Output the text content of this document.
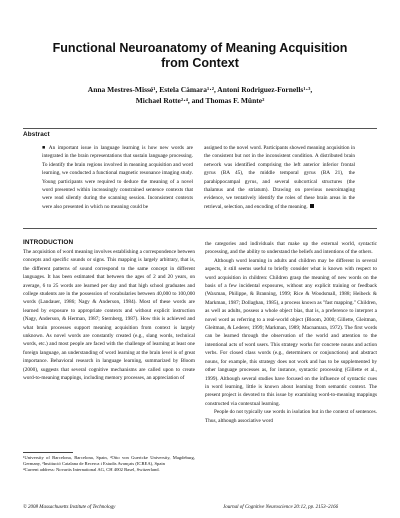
Functional Neuroanatomy of Meaning Acquisition
from Context
Anna Mestres-Missé¹, Estela Càmara¹·², Antoni Rodriguez-Fornells¹·³,
Michael Rotte²·⁴, and Thomas F. Münte²
Abstract

■ An important issue in language learning is how new words are integrated in the brain representations that sustain language processing. To identify the brain regions involved in meaning acquisition and word learning, we conducted a functional magnetic resonance imaging study. Young participants were required to deduce the meaning of a novel word presented within increasingly constrained sentence contexts that were read silently during the scanning session. Inconsistent contexts were also presented in which no meaning could be

assigned to the novel word. Participants showed meaning acquisition in the consistent but not in the inconsistent condition. A distributed brain network was identified comprising the left anterior inferior frontal gyrus (BA 45), the middle temporal gyrus (BA 21), the parahippocampal gyrus, and several subcortical structures (the thalamus and the striatum). Drawing on previous neuroimaging evidence, we tentatively identify the roles of these brain areas in the retrieval, selection, and encoding of the meaning.

INTRODUCTION

The acquisition of word meaning involves establishing a correspondence between concepts and specific sounds or signs. This mapping is largely arbitrary, that is, the different patterns of sound correspond to the same concept in different languages. It has been estimated that between the ages of 2 and 20 years, on average, 6 to 25 words are learned per day and that high school graduates and college students are in the possession of vocabularies between 40,000 to 100,000 words (Landauer, 1986; Nagy & Anderson, 1984). Most of these words are learned by exposure to appropriate contexts and without explicit instruction (Nagy, Anderson, & Herman, 1987; Sternberg, 1987). How this is achieved and what brain processes support meaning acquisition from context is largely unknown. As novel words are constantly created (e.g., slang words, technical words, etc.) and most people are faced with the challenge of learning at least one foreign language, an understanding of word learning at the brain level is of great importance. Behavioral research in language learning, summarized by Bloom (2000), suggests that several cognitive mechanisms are called upon to create word-to-meaning mappings, including memory processes, an appreciation of

the categories and individuals that make up the external world, syntactic processing, and the ability to understand the beliefs and intentions of the others.

Although word learning in adults and children may be different in several aspects, it still seems useful to briefly consider what is known with respect to word acquisition in children: Children grasp the meaning of new words on the basis of a few incidental exposures, without any explicit training or feedback (Waxman, Philippe, & Branning, 1999; Rice & Woodsmall, 1988; Heibeck & Markman, 1987; Dollaghan, 1985), a process known as "fast mapping." Children, as well as adults, possess a whole object bias, that is, a preference to interpret a novel word as referring to a real-world object (Bloom, 2000; Gillette, Gleitman, Gleitman, & Lederer, 1999; Markman, 1989; Macnamara, 1972). The first words can be learned through the observation of the world and attention to the intentional acts of word users. This strategy works for concrete nouns and action verbs. For closed class words (e.g., determiners or conjunctions) and abstract nouns, for example, this strategy does not work and has to be supplemented by other language processes as, for instance, syntactic processing (Gillette et al., 1999). Although several studies have focused on the influence of syntactic cues in word learning, little is known about learning from semantic context. The present project is devoted to this issue by examining word-to-meaning mappings constructed via contextual learning.

People do not typically use words in isolation but in the context of sentences. Thus, although associative word

¹University of Barcelona, Barcelona, Spain, ²Otto von Guericke University, Magdeburg, Germany, ³Institució Catalana de Recerca i Estudis Avançats (ICREA), Spain
⁴Current address: Novartis International AG, CH 4002 Basel, Switzerland.
© 2008 Massachusetts Institute of Technology	Journal of Cognitive Neuroscience 20:12, pp. 2153–2166
